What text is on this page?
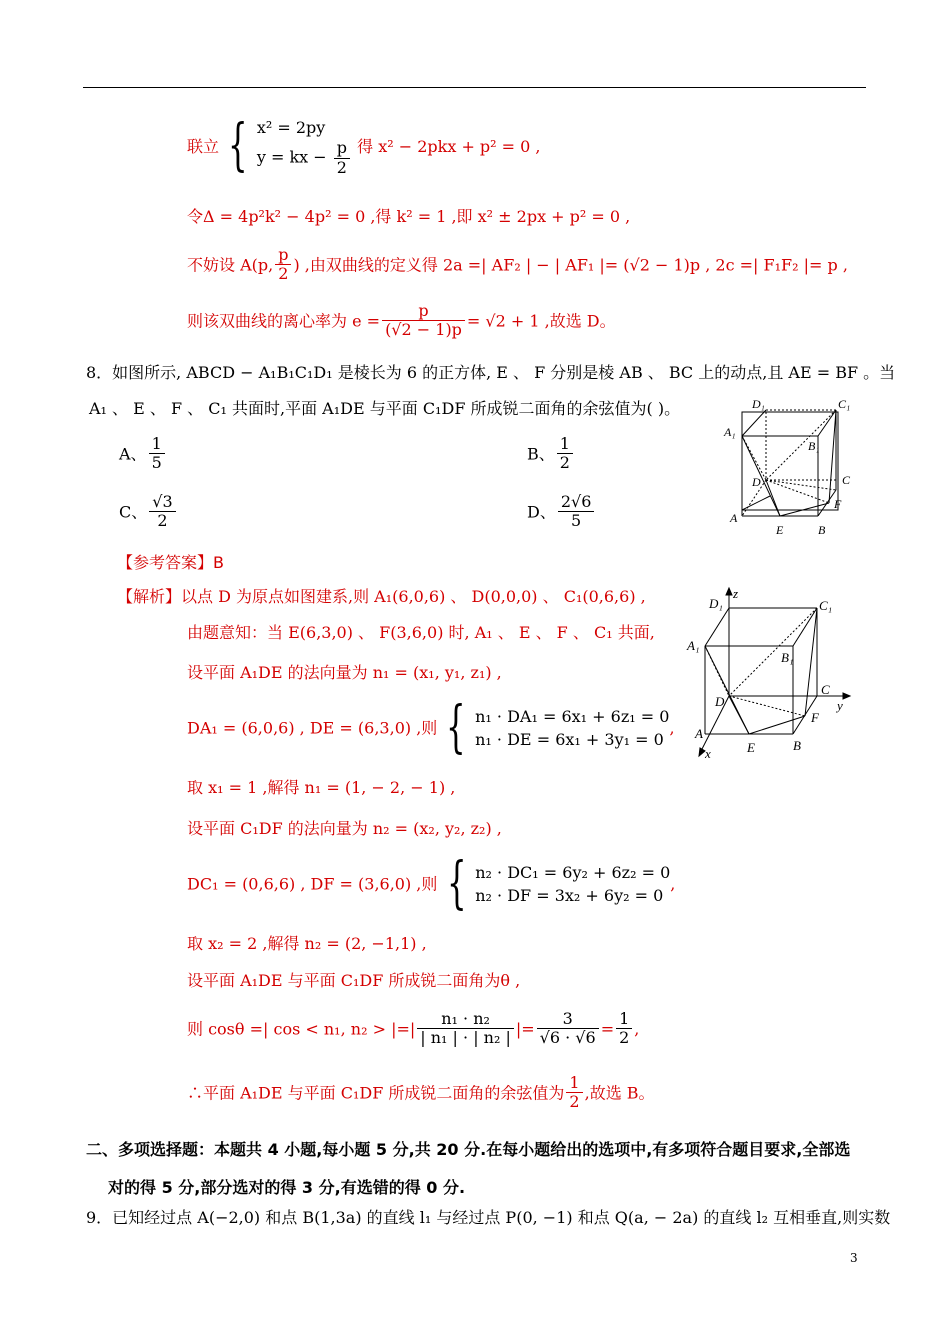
联立 { x² = 2py
y = kx − $\frac{p}{2}$ 得 x² − 2pkx + p² = 0 ,
令Δ = 4p²k² − 4p² = 0 ,得 k² = 1 ,即 x² ± 2px + p² = 0 ,
不妨设 A(p, $\frac{p}{2}$ ) ,由双曲线的定义得 2a =| AF₂ | − | AF₁ |= (√2 − 1)p , 2c =| F₁F₂ |= p ,
则该双曲线的离心率为 $e = \frac{p}{(√2 - 1)p} = √2 + 1$ ,故选 D。
8．如图所示, ABCD − A₁B₁C₁D₁ 是棱长为 6 的正方体, E 、 F 分别是棱 AB 、 BC 上的动点,且 AE = BF 。当
A₁ 、 E 、 F 、 C₁ 共面时,平面 A₁DE 与平面 C₁DF 所成锐二面角的余弦值为( )。
A、 $\frac{1}{5}$	B、 $\frac{1}{2}$
C、 $\frac{√3}{2}$	D、 $\frac{2√6}{5}$
D₁	C₁
A₁
B₁
D	C
A
F
E	B
【参考答案】B
【解析】以点 D 为原点如图建系,则 A₁(6,0,6) 、 D(0,0,0) 、 C₁(0,6,6) ,
由题意知：当 E(6,3,0) 、 F(3,6,0) 时, A₁ 、 E 、 F 、 C₁ 共面,
设平面 A₁DE 的法向量为 n₁ = (x₁, y₁, z₁) ,
DA₁ = (6,0,6) , DE = (6,3,0) ,则 { n₁ · DA₁ = 6x₁ + 6z₁ = 0
n₁ · DE = 6x₁ + 3y₁ = 0
,
取 x₁ = 1 ,解得 n₁ = (1, − 2, − 1) ,
设平面 C₁DF 的法向量为 n₂ = (x₂, y₂, z₂) ,
DC₁ = (0,6,6) , DF = (3,6,0) ,则 { n₂ · DC₁ = 6y₂ + 6z₂ = 0
n₂ · DF = 3x₂ + 6y₂ = 0
,
取 x₂ = 2 ,解得 n₂ = (2, −1,1) ,
设平面 A₁DE 与平面 C₁DF 所成锐二面角为θ ,
则 cosθ =| cos < n₁, n₂ > |=| $\frac{\text{n₁ · n₂}}{\text{| n₁ | · | n₂ |}}$ |= $\frac{3}{√6 \cdot √6} = \frac{1}{2}$ ,
∴平面 A₁DE 与平面 C₁DF 所成锐二面角的余弦值为 $\frac{1}{2}$ ,故选 B。
D₁
z
C₁
A₁
B₁
D
C
y
F
A
E	B
x
二、多项选择题：本题共 4 小题,每小题 5 分,共 20 分.在每小题给出的选项中,有多项符合题目要求,全部选
对的得 5 分,部分选对的得 3 分,有选错的得 0 分.
9．已知经过点 A(−2,0) 和点 B(1,3a) 的直线 l₁ 与经过点 P(0, −1) 和点 Q(a, − 2a) 的直线 l₂ 互相垂直,则实数
3
